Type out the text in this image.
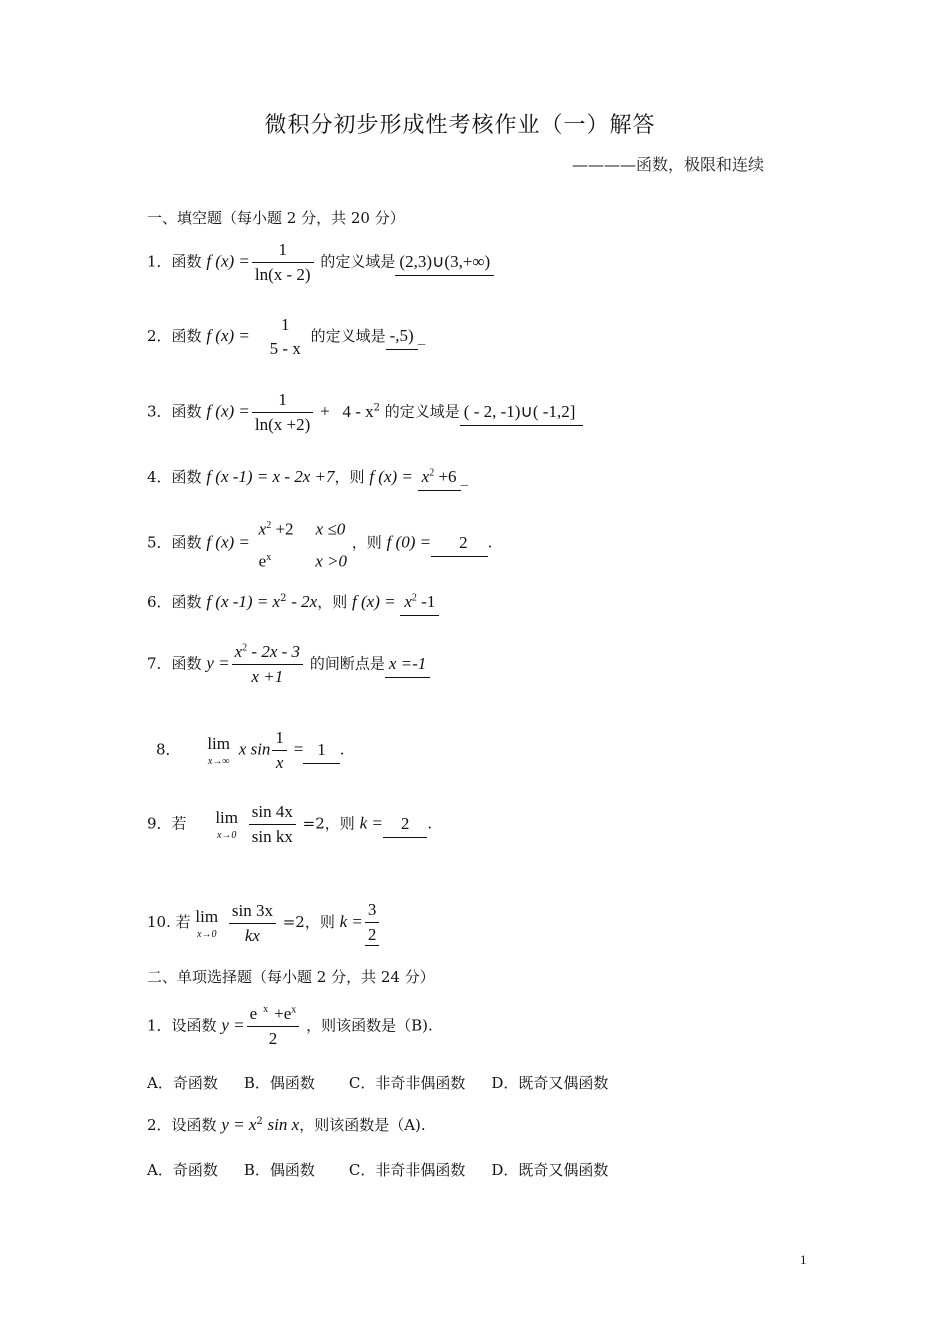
微积分初步形成性考核作业（一）解答
————函数，极限和连续
一、填空题（每小题 2 分，共 20 分）
1．函数 f $(x) = \frac{1}{\ln(x - 2)}$ 的定义域是 (2,3)∪(3,+∞)
2．函数 f (x) =
1
5 - x
的定义域是 -,5) _
3．函数 f $(x) = \frac{1}{\ln(x +2)} + 4 - x^2$ 的定义域是 ( - 2, -1)∪( -1,2]
4．函数 f (x -1) = x - 2x +7，则 f $(x) = x^2 +6$ _
5．函数 f (x) =
$x^2 +2$ x ≤0
$e^x$	x >0
，则 f (0) = 2 .
6．函数 f (x $-1) = x^2 - 2x$，则 f $(x) = x^2$ -1
7．函数 $y = \frac{x^2 - 2x - 3}{x +1}$ 的间断点是 x =-1
8． lim
x→∞
x $\sin \frac{1}{x} = 1$ .
9．若 lim
x→0
$\frac{\sin 4x}{\text{sin kx}} =2$，则 k = 2 .
10. 若 lim
x→0
$\frac{\sin 3x}{kx} =2$，则 $k = \frac{3}{2}$
二、单项选择题（每小题 2 分，共 24 分）
1．设函数 $y = \frac{e ^x +e^x}{2}$ ，则该函数是（B).
A．奇函数 B．偶函数 C．非奇非偶函数 D．既奇又偶函数
2．设函数 $y = x^2$ sin x，则该函数是（A).
A．奇函数 B．偶函数 C．非奇非偶函数 D．既奇又偶函数
1
